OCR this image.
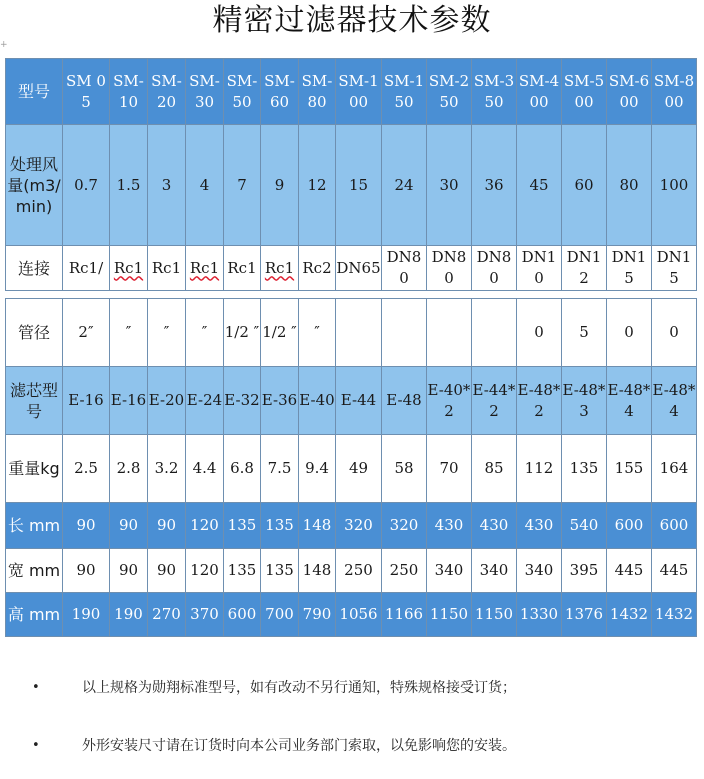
精密过滤器技术参数
+
型号	SM 05	SM-10	SM-20	SM-30	SM-50	SM-60	SM-80	SM-100	SM-150	SM-250	SM-350	SM-400	SM-500	SM-600	SM-800
处理风量(m3/min)	0.7	1.5	3	4	7	9	12	15	24	30	36	45	60	80	100
连接	Rc1/	Rc1	Rc1	Rc1	Rc1	Rc1	Rc2	DN65	DN80	DN80	DN80	DN10	DN12	DN15	DN15
管径	2″	″	″	″	1/2 ″	1/2 ″	″					0	5	0	0
滤芯型号	E-16	E-16	E-20	E-24	E-32	E-36	E-40	E-44	E-48	E-40*2	E-44*2	E-48*2	E-48*3	E-48*4	E-48*4
重量kg	2.5	2.8	3.2	4.4	6.8	7.5	9.4	49	58	70	85	112	135	155	164
长 mm	90	90	90	120	135	135	148	320	320	430	430	430	540	600	600
宽 mm	90	90	90	120	135	135	148	250	250	340	340	340	395	445	445
高 mm	190	190	270	370	600	700	790	1056	1166	1150	1150	1330	1376	1432	1432
•	以上规格为勋翔标准型号，如有改动不另行通知，特殊规格接受订货；
•	外形安装尺寸请在订货时向本公司业务部门索取，以免影响您的安装。
